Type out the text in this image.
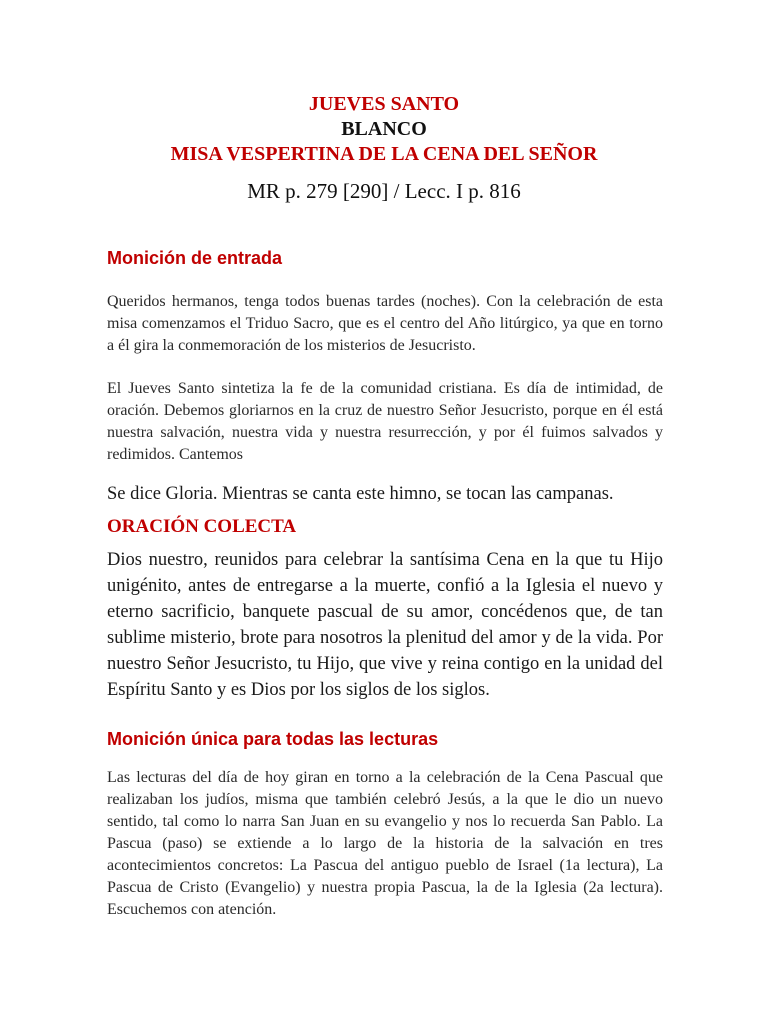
JUEVES SANTO
BLANCO
MISA VESPERTINA DE LA CENA DEL SEÑOR
MR p. 279 [290] / Lecc. I p. 816
Monición de entrada
Queridos hermanos, tenga todos buenas tardes (noches). Con la celebración de esta misa comenzamos el Triduo Sacro, que es el centro del Año litúrgico, ya que en torno a él gira la conmemoración de los misterios de Jesucristo.
El Jueves Santo sintetiza la fe de la comunidad cristiana. Es día de intimidad, de oración. Debemos gloriarnos en la cruz de nuestro Señor Jesucristo, porque en él está nuestra salvación, nuestra vida y nuestra resurrección, y por él fuimos salvados y redimidos. Cantemos
Se dice Gloria. Mientras se canta este himno, se tocan las campanas.
ORACIÓN COLECTA
Dios nuestro, reunidos para celebrar la santísima Cena en la que tu Hijo unigénito, antes de entregarse a la muerte, confió a la Iglesia el nuevo y eterno sacrificio, banquete pascual de su amor, concédenos que, de tan sublime misterio, brote para nosotros la plenitud del amor y de la vida. Por nuestro Señor Jesucristo, tu Hijo, que vive y reina contigo en la unidad del Espíritu Santo y es Dios por los siglos de los siglos.
Monición única para todas las lecturas
Las lecturas del día de hoy giran en torno a la celebración de la Cena Pascual que realizaban los judíos, misma que también celebró Jesús, a la que le dio un nuevo sentido, tal como lo narra San Juan en su evangelio y nos lo recuerda San Pablo. La Pascua (paso) se extiende a lo largo de la historia de la salvación en tres acontecimientos concretos: La Pascua del antiguo pueblo de Israel (1a lectura), La Pascua de Cristo (Evangelio) y nuestra propia Pascua, la de la Iglesia (2a lectura). Escuchemos con atención.
